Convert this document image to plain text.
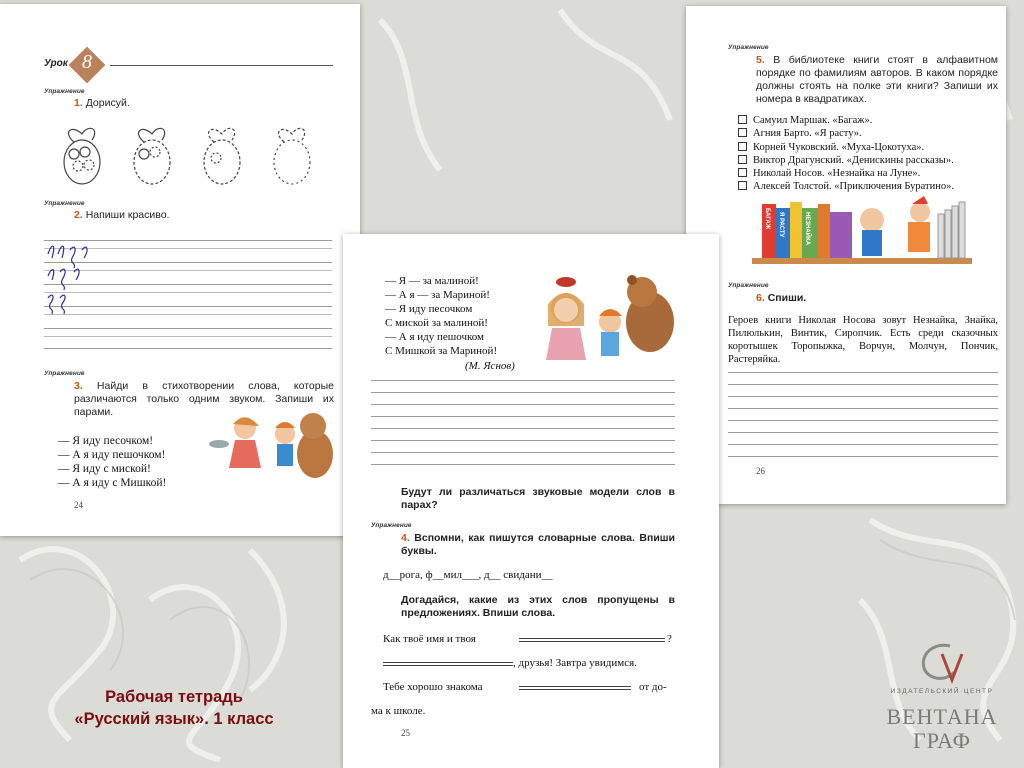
Урок 8
Упражнение
1. Дорисуй.
Упражнение
2. Напиши красиво.
Упражнение
3. Найди в стихотворении слова, которые различаются только одним звуком. Запиши их парами.
— Я иду песочком!
— А я иду пешочком!
— Я иду с миской!
— А я иду с Мишкой!
24
Упражнение
5. В библиотеке книги стоят в алфавитном порядке по фамилиям авторов. В каком порядке должны стоять на полке эти книги? Запиши их номера в квадратиках.
Самуил Маршак. «Багаж».
Агния Барто. «Я расту».
Корней Чуковский. «Муха-Цокотуха».
Виктор Драгунский. «Денискины рассказы».
Николай Носов. «Незнайка на Луне».
Алексей Толстой. «Приключения Буратино».
БАГАЖ Я РАСТУ	НЕЗНАЙКА
Упражнение
6. Спиши.
Героев книги Николая Носова зовут Незнайка, Знайка, Пилюлькин, Винтик, Сиропчик. Есть среди сказочных коротышек Торопыжка, Ворчун, Молчун, Пончик, Растеряйка.
26
— Я — за малиной!
— А я — за Мариной!
— Я иду песочком
С миской за малиной!
— А я иду пешочком
С Мишкой за Мариной!
(М. Яснов)
Будут ли различаться звуковые модели слов в парах?
Упражнение
4. Вспомни, как пишутся словарные слова. Впиши буквы.
д__рога, ф__мил___, д__ свидани__
Догадайся, какие из этих слов пропущены в предложениях. Впиши слова.
Как твоё имя и твоя	?
, друзья! Завтра увидимся.
Тебе хорошо знакома	от до-
ма к школе.
25
Рабочая тетрадь
«Русский язык». 1 класс
ИЗДАТЕЛЬСКИЙ·ЦЕНТР
ВЕНТАНА
ГРАФ
